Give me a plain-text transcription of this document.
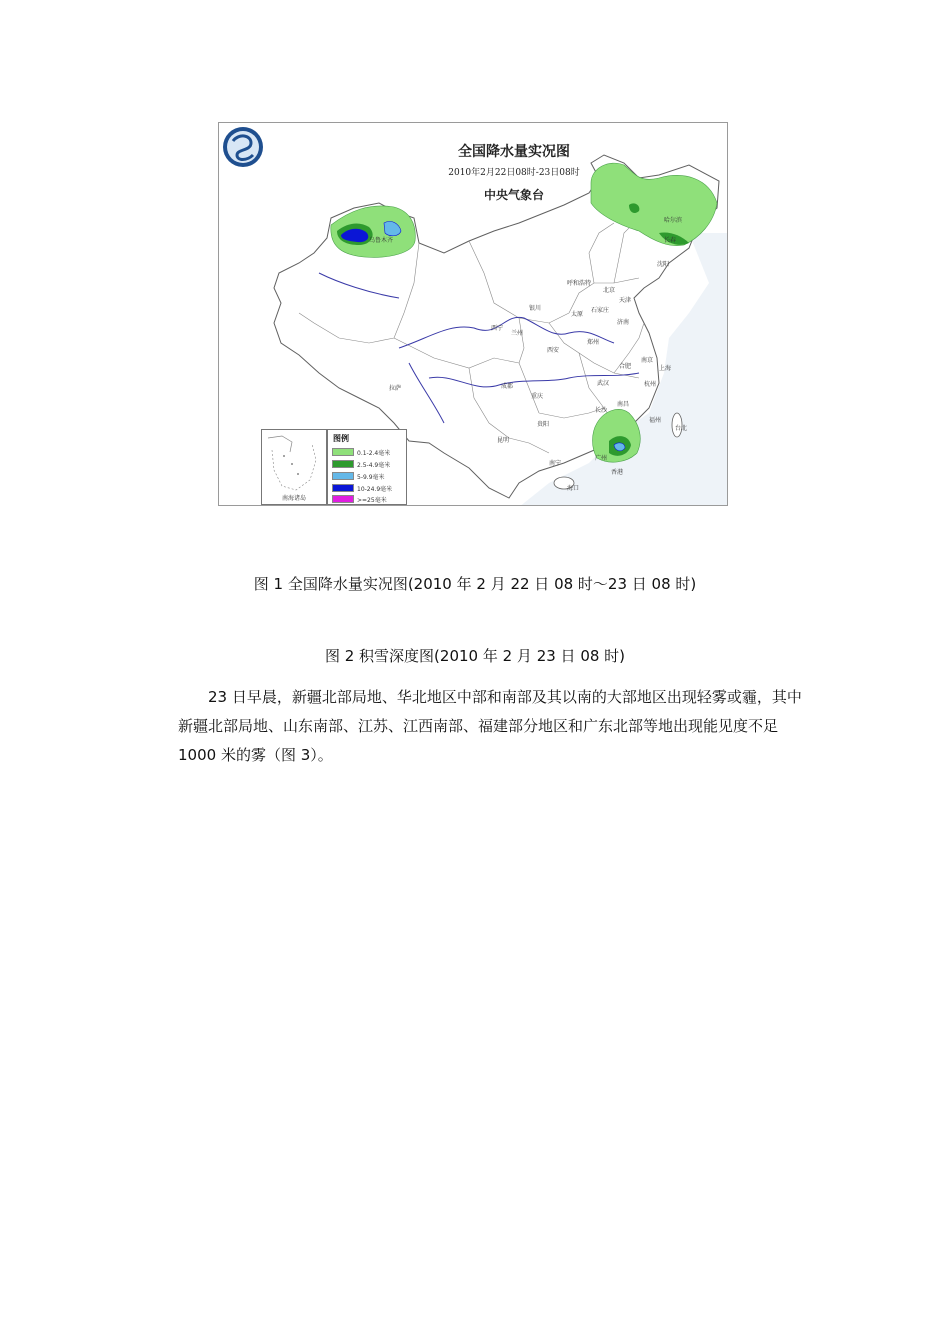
全国降水量实况图
2010年2月22日08时-23日08时
中央气象台
乌鲁木齐
哈尔滨
长春
沈阳
呼和浩特
北京
天津
石家庄
太原
济南
银川
西宁
兰州
郑州
西安
合肥
南京
上海
武汉	杭州
成都
重庆
拉萨
长沙
南昌
福州
贵阳
台北
昆明
南宁
广州
香港
海口
南海诸岛
图例
0.1-2.4毫米
2.5-4.9毫米
5-9.9毫米
10-24.9毫米
>=25毫米
图 1 全国降水量实况图(2010 年 2 月 22 日 08 时～23 日 08 时)
图 2 积雪深度图(2010 年 2 月 23 日 08 时)

23 日早晨，新疆北部局地、华北地区中部和南部及其以南的大部地区出现轻雾或霾，其中新疆北部局地、山东南部、江苏、江西南部、福建部分地区和广东北部等地出现能见度不足 1000 米的雾（图 3）。
